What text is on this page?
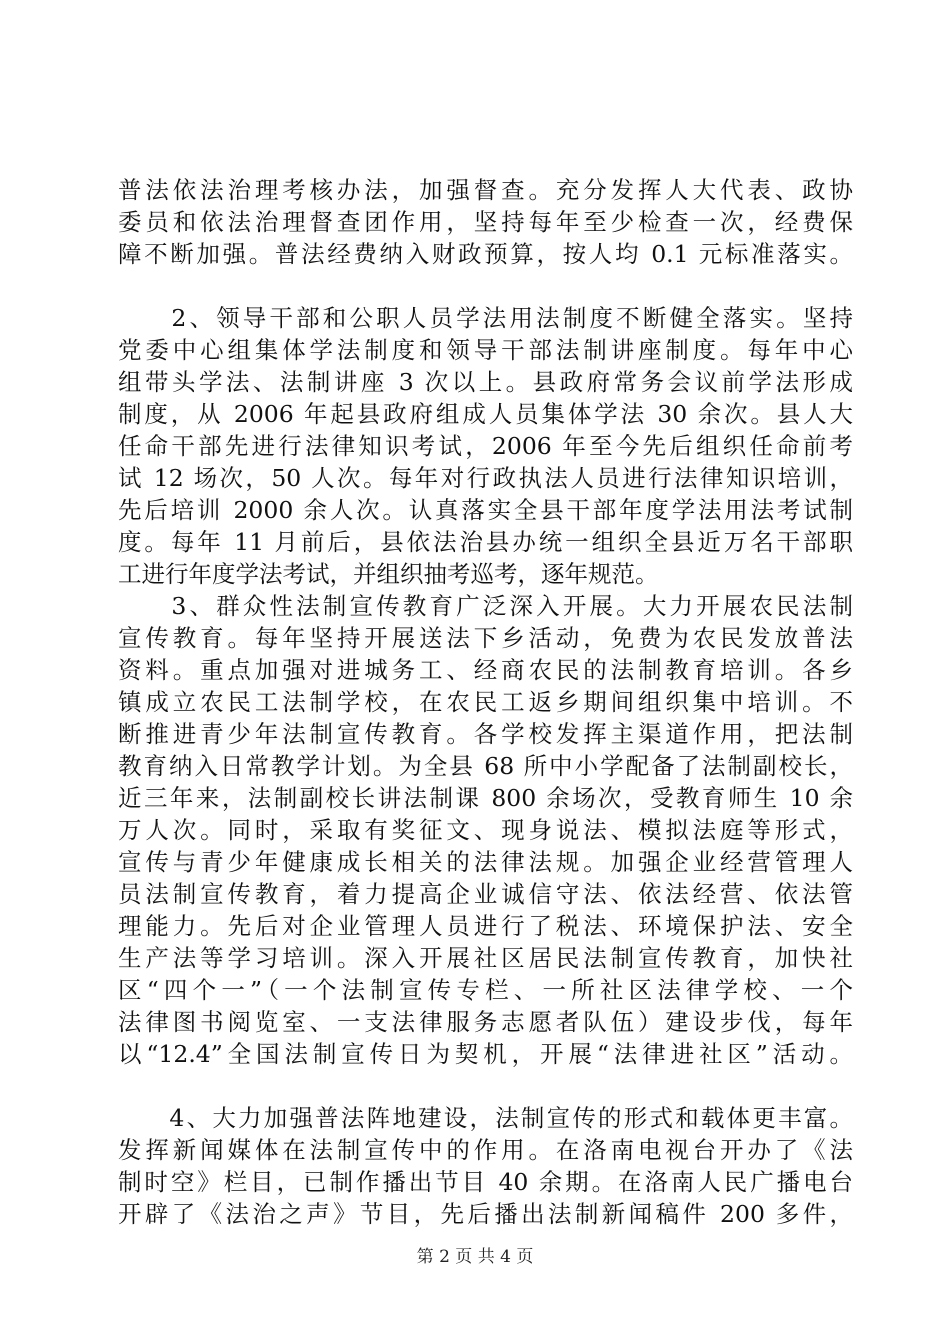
普法依法治理考核办法，加强督查。充分发挥人大代表、政协
委员和依法治理督查团作用，坚持每年至少检查一次，经费保
障不断加强。普法经费纳入财政预算，按人均 0.1 元标准落实。
　　2、领导干部和公职人员学法用法制度不断健全落实。坚持
党委中心组集体学法制度和领导干部法制讲座制度。每年中心
组带头学法、法制讲座 3 次以上。县政府常务会议前学法形成
制度，从 2006 年起县政府组成人员集体学法 30 余次。县人大
任命干部先进行法律知识考试，2006 年至今先后组织任命前考
试 12 场次，50 人次。每年对行政执法人员进行法律知识培训，
先后培训 2000 余人次。认真落实全县干部年度学法用法考试制
度。每年 11 月前后，县依法治县办统一组织全县近万名干部职
工进行年度学法考试，并组织抽考巡考，逐年规范。
　　3、群众性法制宣传教育广泛深入开展。大力开展农民法制
宣传教育。每年坚持开展送法下乡活动，免费为农民发放普法
资料。重点加强对进城务工、经商农民的法制教育培训。各乡
镇成立农民工法制学校，在农民工返乡期间组织集中培训。不
断推进青少年法制宣传教育。各学校发挥主渠道作用，把法制
教育纳入日常教学计划。为全县 68 所中小学配备了法制副校长，
近三年来，法制副校长讲法制课 800 余场次，受教育师生 10 余
万人次。同时，采取有奖征文、现身说法、模拟法庭等形式，
宣传与青少年健康成长相关的法律法规。加强企业经营管理人
员法制宣传教育，着力提高企业诚信守法、依法经营、依法管
理能力。先后对企业管理人员进行了税法、环境保护法、安全
生产法等学习培训。深入开展社区居民法制宣传教育，加快社
区“四个一”（一个法制宣传专栏、一所社区法律学校、一个
法律图书阅览室、一支法律服务志愿者队伍）建设步伐，每年
以“12.4”全国法制宣传日为契机，开展“法律进社区”活动。
　　4、大力加强普法阵地建设，法制宣传的形式和载体更丰富。
发挥新闻媒体在法制宣传中的作用。在洛南电视台开办了《法
制时空》栏目，已制作播出节目 40 余期。在洛南人民广播电台
开辟了《法治之声》节目，先后播出法制新闻稿件 200 多件，
第 2 页 共 4 页
